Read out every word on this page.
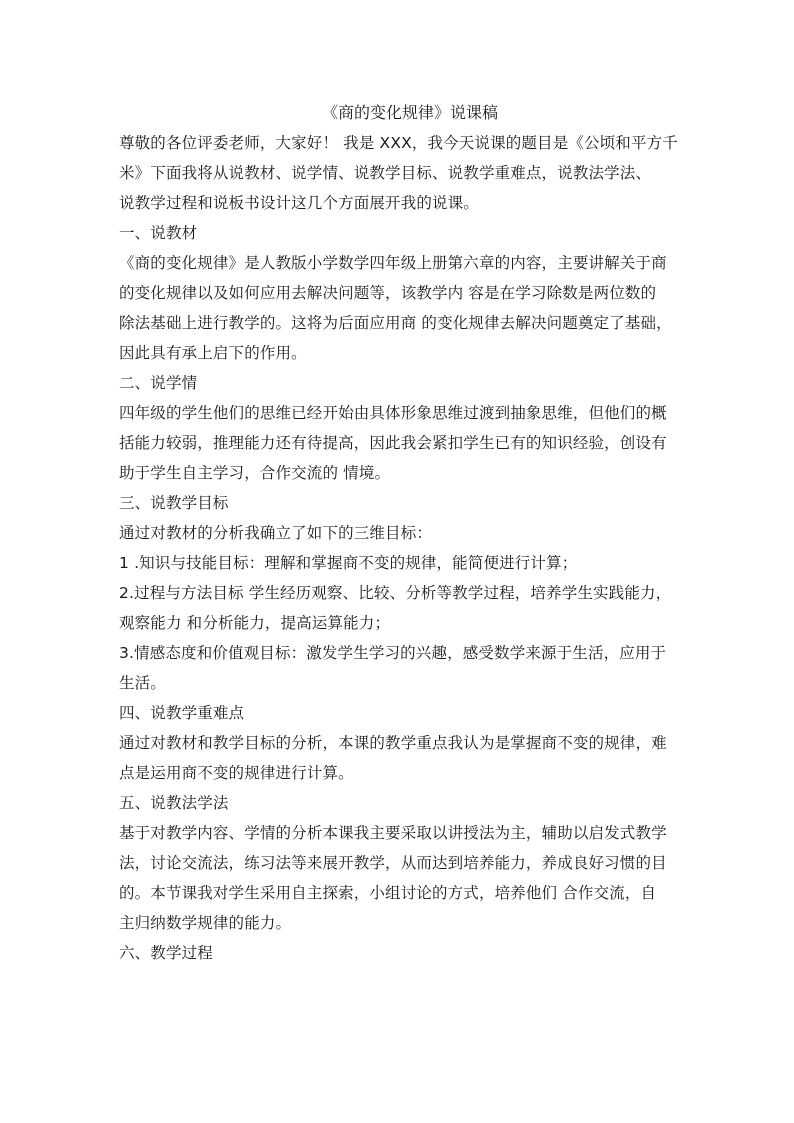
《商的变化规律》说课稿
尊敬的各位评委老师，大家好！ 我是 XXX，我今天说课的题目是《公顷和平方千
米》下面我将从说教材、说学情、说教学目标、说教学重难点，说教法学法、
说教学过程和说板书设计这几个方面展开我的说课。
一、说教材
《商的变化规律》是人教版小学数学四年级上册第六章的内容，主要讲解关于商
的变化规律以及如何应用去解决问题等，该教学内 容是在学习除数是两位数的
除法基础上进行教学的。这将为后面应用商 的变化规律去解决问题奠定了基础，
因此具有承上启下的作用。
二、说学情
四年级的学生他们的思维已经开始由具体形象思维过渡到抽象思维，但他们的概
括能力较弱，推理能力还有待提高，因此我会紧扣学生已有的知识经验，创设有
助于学生自主学习，合作交流的 情境。
三、说教学目标
通过对教材的分析我确立了如下的三维目标：
1 .知识与技能目标：理解和掌握商不变的规律，能简便进行计算；
2.过程与方法目标 学生经历观察、比较、分析等教学过程，培养学生实践能力，
观察能力 和分析能力，提高运算能力；
3.情感态度和价值观目标：激发学生学习的兴趣，感受数学来源于生活，应用于
生活。
四、说教学重难点
通过对教材和教学目标的分析，本课的教学重点我认为是掌握商不变的规律，难
点是运用商不变的规律进行计算。
五、说教法学法
基于对教学内容、学情的分析本课我主要采取以讲授法为主，辅助以启发式教学
法，讨论交流法，练习法等来展开教学，从而达到培养能力，养成良好习惯的目
的。本节课我对学生采用自主探索，小组讨论的方式，培养他们 合作交流，自
主归纳数学规律的能力。
六、教学过程
